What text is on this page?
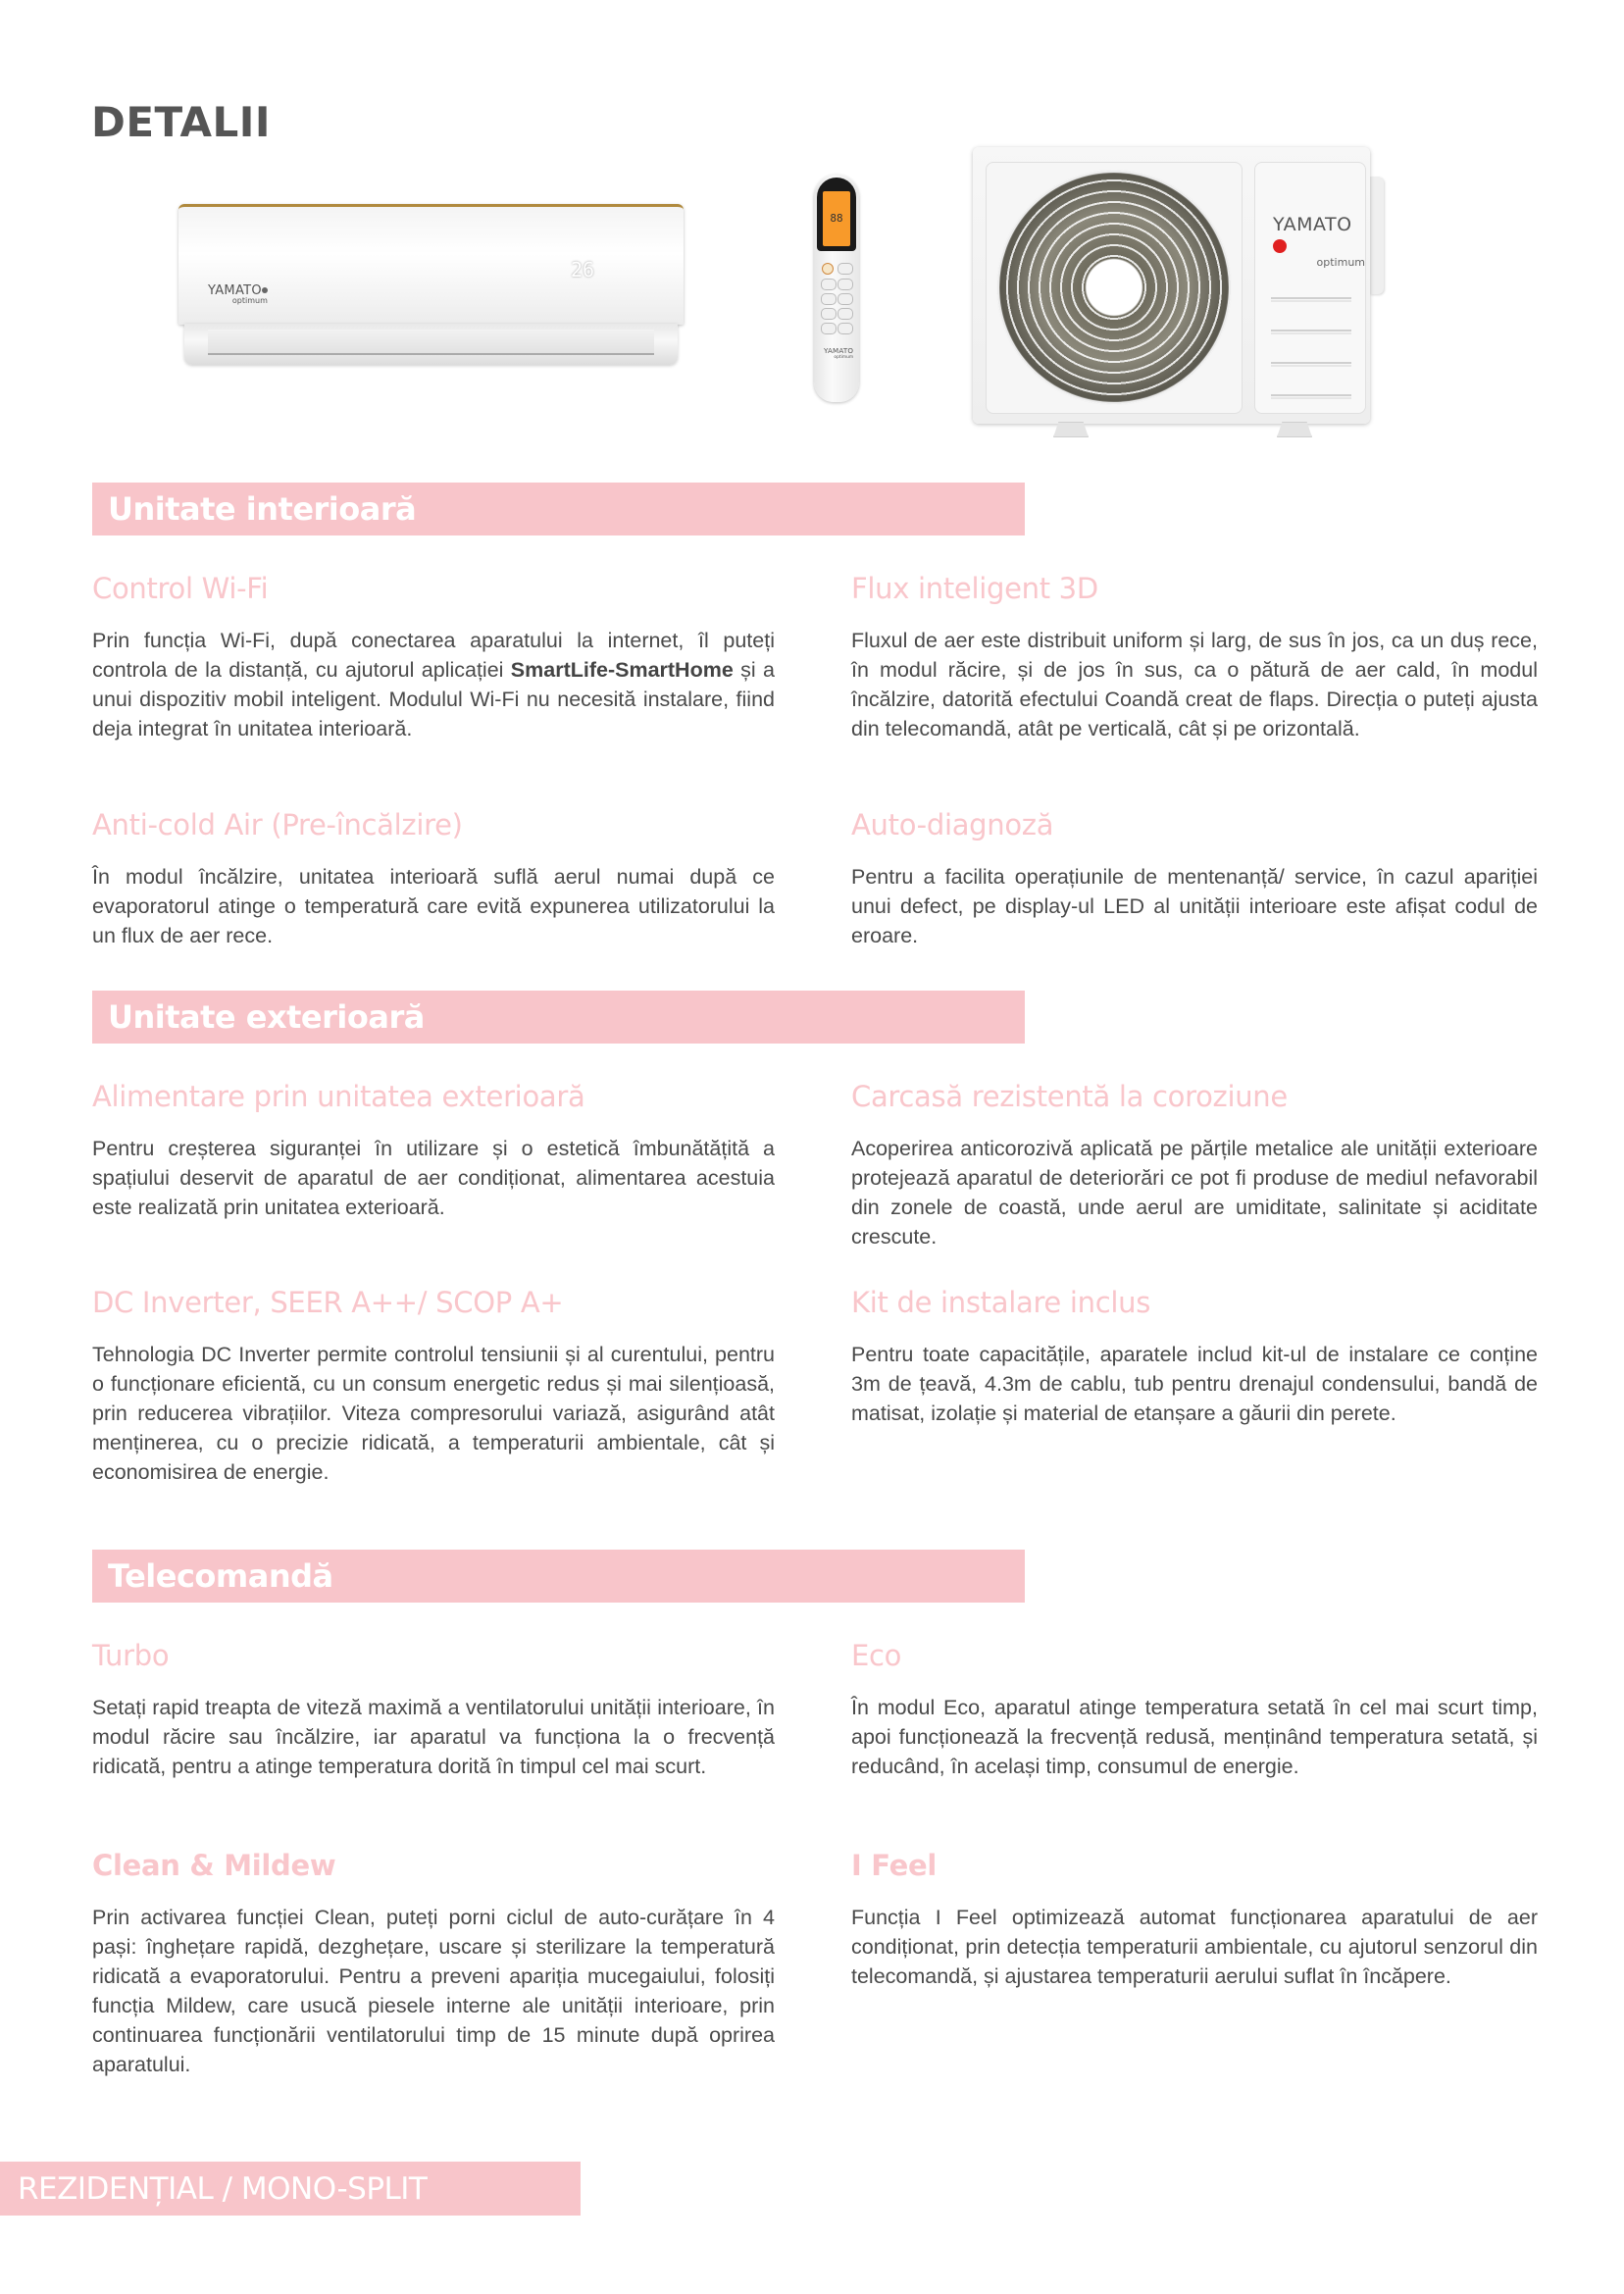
DETALII
26
YAMATO
optimum
88
YAMATO
optimum
YAMATO
optimum
Unitate interioară
Control Wi-Fi

Prin funcția Wi-Fi, după conectarea aparatului la internet, îl puteți controla de la distanță, cu ajutorul aplicației SmartLife-SmartHome și a unui dispozitiv mobil inteligent. Modulul Wi-Fi nu necesită instalare, fiind deja integrat în unitatea interioară.

Flux inteligent 3D

Fluxul de aer este distribuit uniform și larg, de sus în jos, ca un duș rece, în modul răcire, și de jos în sus, ca o pătură de aer cald, în modul încălzire, datorită efectului Coandă creat de flaps. Direcția o puteți ajusta din telecomandă, atât pe verticală, cât și pe orizontală.

Anti-cold Air (Pre-încălzire)

În modul încălzire, unitatea interioară suflă aerul numai după ce evaporatorul atinge o temperatură care evită expunerea utilizatorului la un flux de aer rece.

Auto-diagnoză

Pentru a facilita operațiunile de mentenanță/ service, în cazul apariției unui defect, pe display-ul LED al unității interioare este afișat codul de eroare.

Unitate exterioară
Alimentare prin unitatea exterioară

Pentru creșterea siguranței în utilizare și o estetică îmbunătățită a spațiului deservit de aparatul de aer condiționat, alimentarea acestuia este realizată prin unitatea exterioară.

Carcasă rezistentă la coroziune

Acoperirea anticorozivă aplicată pe părțile metalice ale unității exterioare protejează aparatul de deteriorări ce pot fi produse de mediul nefavorabil din zonele de coastă, unde aerul are umiditate, salinitate și aciditate crescute.

DC Inverter, SEER A++/ SCOP A+

Tehnologia DC Inverter permite controlul tensiunii și al curentului, pentru o funcționare eficientă, cu un consum energetic redus și mai silențioasă, prin reducerea vibrațiilor. Viteza compresorului variază, asigurând atât menținerea, cu o precizie ridicată, a temperaturii ambientale, cât și economisirea de energie.

Kit de instalare inclus

Pentru toate capacitățile, aparatele includ kit-ul de instalare ce conține 3m de țeavă, 4.3m de cablu, tub pentru drenajul condensului, bandă de matisat, izolație și material de etanșare a găurii din perete.

Telecomandă
Turbo

Setați rapid treapta de viteză maximă a ventilatorului unității interioare, în modul răcire sau încălzire, iar aparatul va funcționa la o frecvență ridicată, pentru a atinge temperatura dorită în timpul cel mai scurt.

Eco

În modul Eco, aparatul atinge temperatura setată în cel mai scurt timp, apoi funcționează la frecvență redusă, menținând temperatura setată, și reducând, în același timp, consumul de energie.

Clean & Mildew

Prin activarea funcției Clean, puteți porni ciclul de auto-curățare în 4 pași: înghețare rapidă, dezghețare, uscare și sterilizare la temperatură ridicată a evaporatorului. Pentru a preveni apariția mucegaiului, folosiți funcția Mildew, care usucă piesele interne ale unității interioare, prin continuarea funcționării ventilatorului timp de 15 minute după oprirea aparatului.

I Feel

Funcția I Feel optimizează automat funcționarea aparatului de aer condiționat, prin detecția temperaturii ambientale, cu ajutorul senzorul din telecomandă, și ajustarea temperaturii aerului suflat în încăpere.

REZIDENȚIAL / MONO-SPLIT
